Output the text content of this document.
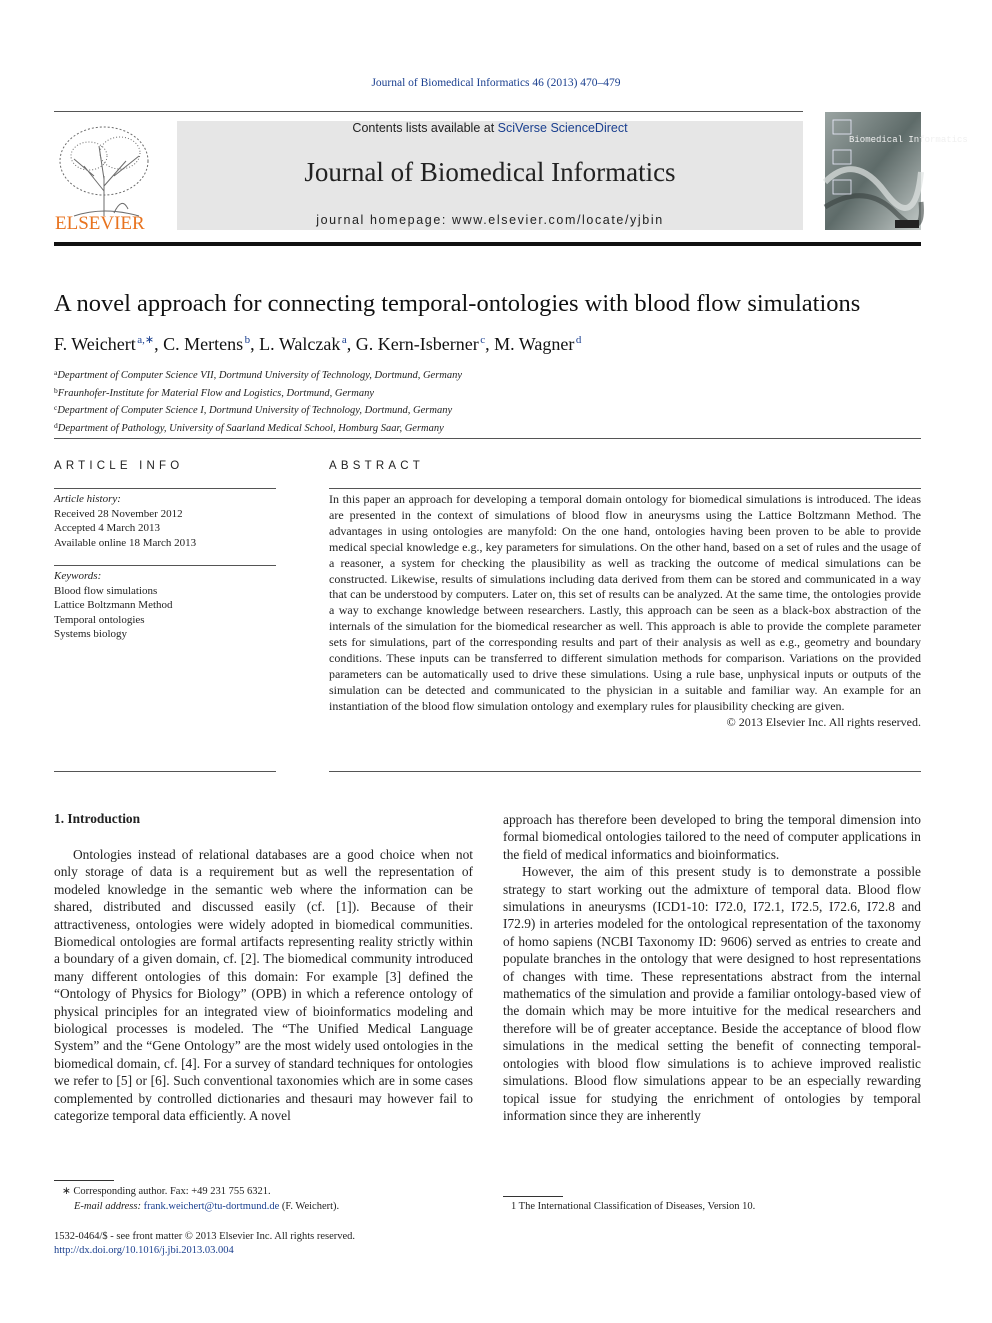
Journal of Biomedical Informatics 46 (2013) 470–479
ELSEVIER
Contents lists available at SciVerse ScienceDirect
Journal of Biomedical Informatics
journal homepage: www.elsevier.com/locate/yjbin
Biomedical Informatics
A novel approach for connecting temporal-ontologies with blood flow simulations
F. Weichert  $^{a,∗}$, C. Mertens  $^b$, L. Walczak  $^a$, G. Kern-Isberner  $^c$, M. Wagner  $^d$
$^a$Department of Computer Science VII, Dortmund University of Technology, Dortmund, Germany
$^b$Fraunhofer-Institute for Material Flow and Logistics, Dortmund, Germany
$^c$Department of Computer Science I, Dortmund University of Technology, Dortmund, Germany
$^d$Department of Pathology, University of Saarland Medical School, Homburg Saar, Germany
ARTICLE INFO
Article history:
Received 28 November 2012
Accepted 4 March 2013
Available online 18 March 2013
Keywords:
Blood flow simulations
Lattice Boltzmann Method
Temporal ontologies
Systems biology
ABSTRACT
In this paper an approach for developing a temporal domain ontology for biomedical simulations is introduced. The ideas are presented in the context of simulations of blood flow in aneurysms using the Lattice Boltzmann Method. The advantages in using ontologies are manyfold: On the one hand, ontologies having been proven to be able to provide medical special knowledge e.g., key parameters for simulations. On the other hand, based on a set of rules and the usage of a reasoner, a system for checking the plausibility as well as tracking the outcome of medical simulations can be constructed. Likewise, results of simulations including data derived from them can be stored and communicated in a way that can be understood by computers. Later on, this set of results can be analyzed. At the same time, the ontologies provide a way to exchange knowledge between researchers. Lastly, this approach can be seen as a black-box abstraction of the internals of the simulation for the biomedical researcher as well. This approach is able to provide the complete parameter sets for simulations, part of the corresponding results and part of their analysis as well as e.g., geometry and boundary conditions. These inputs can be transferred to different simulation methods for comparison. Variations on the provided parameters can be automatically used to drive these simulations. Using a rule base, unphysical inputs or outputs of the simulation can be detected and communicated to the physician in a suitable and familiar way. An example for an instantiation of the blood flow simulation ontology and exemplary rules for plausibility checking are given.
© 2013 Elsevier Inc. All rights reserved.
1. Introduction

Ontologies instead of relational databases are a good choice when not only storage of data is a requirement but as well the representation of modeled knowledge in the semantic web where the information can be shared, distributed and discussed easily (cf. [1]). Because of their attractiveness, ontologies were widely adopted in biomedical communities. Biomedical ontologies are formal artifacts representing reality strictly within a boundary of a given domain, cf. [2]. The biomedical community introduced many different ontologies of this domain: For example [3] defined the “Ontology of Physics for Biology” (OPB) in which a reference ontology of physical principles for an integrated view of bioinformatics modeling and biological processes is modeled. The “The Unified Medical Language System” and the “Gene Ontology” are the most widely used ontologies in the biomedical domain, cf. [4]. For a survey of standard techniques for ontologies we refer to [5] or [6]. Such conventional taxonomies which are in some cases complemented by controlled dictionaries and thesauri may however fail to categorize temporal data efficiently. A novel

approach has therefore been developed to bring the temporal dimension into formal biomedical ontologies tailored to the need of computer applications in the field of medical informatics and bioinformatics.

However, the aim of this present study is to demonstrate a possible strategy to start working out the admixture of temporal data. Blood flow simulations in aneurysms (ICD1-10: I72.0, I72.1, I72.5, I72.6, I72.8 and I72.9) in arteries modeled for the ontological representation of the taxonomy of homo sapiens (NCBI Taxonomy ID: 9606) served as entries to create and populate branches in the ontology that were designed to host representations of changes with time. These representations abstract from the internal mathematics of the simulation and provide a familiar ontology-based view of the domain which may be more intuitive for the medical researchers and therefore will be of greater acceptance. Beside the acceptance of blood flow simulations in the medical setting the benefit of connecting temporal-ontologies with blood flow simulations is to achieve improved realistic simulations. Blood flow simulations appear to be an especially rewarding topical issue for studying the enrichment of ontologies by temporal information since they are inherently

∗ Corresponding author. Fax: +49 231 755 6321.
E-mail address: frank.weichert@tu-dortmund.de (F. Weichert).	1 The International Classification of Diseases, Version 10.
1532-0464/$ - see front matter © 2013 Elsevier Inc. All rights reserved.
http://dx.doi.org/10.1016/j.jbi.2013.03.004
